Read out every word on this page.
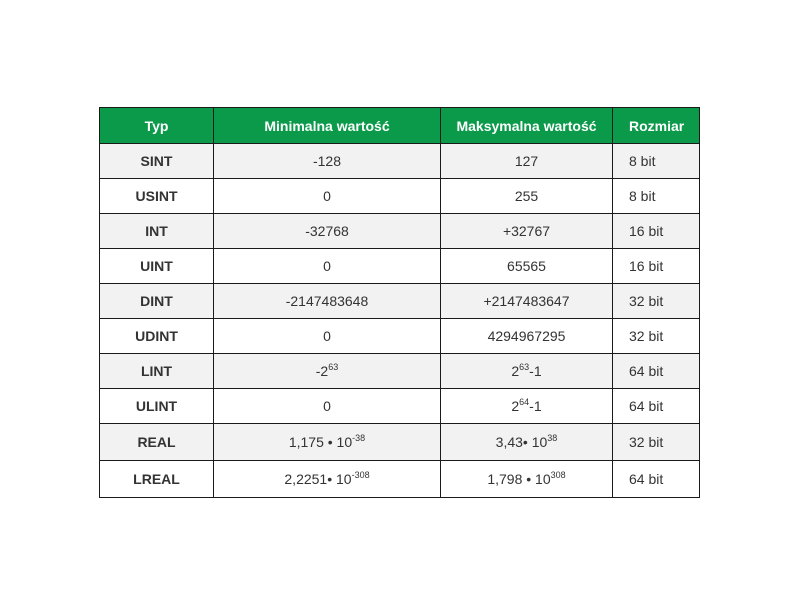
Typ	Minimalna wartość	Maksymalna wartość	Rozmiar
SINT	-128	127	8 bit
USINT	0	255	8 bit
INT	-32768	+32767	16 bit
UINT	0	65565	16 bit
DINT	-2147483648	+2147483647	32 bit
UDINT	0	4294967295	32 bit
LINT	$-2^{63}$	$2^{63}-1$	64 bit
ULINT	0	$2^{64}-1$	64 bit
REAL	1,175 • $10^{-38}$	3,43• $10^{38}$	32 bit
LREAL	2,2251• $10^{-308}$	1,798 • $10^{308}$	64 bit
